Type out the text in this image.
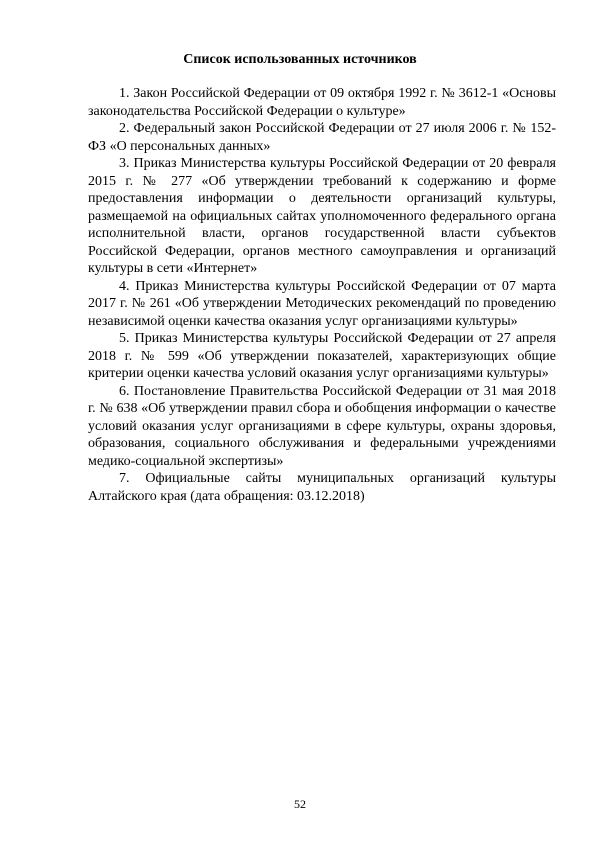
Список использованных источников
1. Закон Российской Федерации от 09 октября 1992 г. № 3612-1 «Основы законодательства Российской Федерации о культуре»
2. Федеральный закон Российской Федерации от 27 июля 2006 г. № 152-ФЗ «О персональных данных»
3. Приказ Министерства культуры Российской Федерации от 20 февраля 2015 г. № 277 «Об утверждении требований к содержанию и форме предоставления информации о деятельности организаций культуры, размещаемой на официальных сайтах уполномоченного федерального органа исполнительной власти, органов государственной власти субъектов Российской Федерации, органов местного самоуправления и организаций культуры в сети «Интернет»
4. Приказ Министерства культуры Российской Федерации от 07 марта 2017 г. № 261 «Об утверждении Методических рекомендаций по проведению независимой оценки качества оказания услуг организациями культуры»
5. Приказ Министерства культуры Российской Федерации от 27 апреля 2018 г. № 599 «Об утверждении показателей, характеризующих общие критерии оценки качества условий оказания услуг организациями культуры»
6. Постановление Правительства Российской Федерации от 31 мая 2018 г. № 638 «Об утверждении правил сбора и обобщения информации о качестве условий оказания услуг организациями в сфере культуры, охраны здоровья, образования, социального обслуживания и федеральными учреждениями медико-социальной экспертизы»
7. Официальные сайты муниципальных организаций культуры Алтайского края (дата обращения: 03.12.2018)
52
